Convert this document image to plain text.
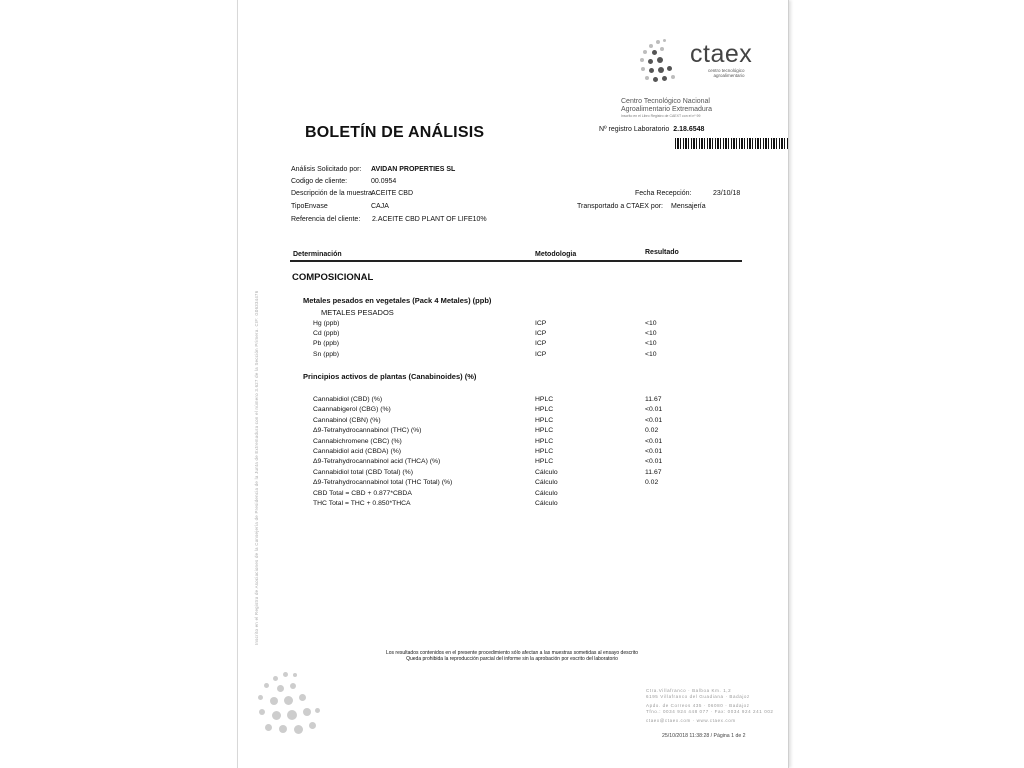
ctaex
centro tecnológico
agroalimentario
Centro Tecnológico Nacional
Agroalimentario Extremadura
Inscrito en el Libro Registro de CAEXT con el nº 99
BOLETÍN DE ANÁLISIS	Nº registro Laboratorio 2.18.6548
Análisis Solicitado por: AVIDAN PROPERTIES SL
Codigo de cliente:	00.0954
Descripción de la muestra:
ACEITE CBD	Fecha Recepción:	23/10/18
TipoEnvase	CAJA	Transportado a CTAEX por: Mensajería
Referencia del cliente: 2.ACEITE CBD PLANT OF LIFE10%
Determinación	Metodologia	Resultado
COMPOSICIONAL
Metales pesados en vegetales (Pack 4 Metales) (ppb)
METALES PESADOS
Hg (ppb)	ICP	<10
Cd (ppb)	ICP	<10
Pb (ppb)	ICP	<10
Sn (ppb)	ICP	<10
Principios activos de plantas (Canabinoides) (%)
Cannabidiol (CBD) (%)	HPLC	11.67
Caannabigerol (CBG) (%)	HPLC	<0.01
Cannabinol (CBN) (%)	HPLC	<0.01
Δ9-Tetrahydrocannabinol (THC) (%)	HPLC	0.02
Cannabichromene (CBC) (%)	HPLC	<0.01
Cannabidiol acid (CBDA) (%)	HPLC	<0.01
Δ9-Tetrahydrocannabinol acid (THCA) (%)	HPLC	<0.01
Cannabidiol total (CBD Total) (%)	Cálculo	11.67
Δ9-Tetrahydrocannabinol total (THC Total) (%)	Cálculo	0.02
CBD Total = CBD + 0.877*CBDA	Cálculo
THC Total = THC + 0.850*THCA	Cálculo
Los resultados contenidos en el presente procedimiento sólo afectan a las muestras sometidas al ensayo descrito
Queda prohibida la reproducción parcial del informe sin la aprobación por escrito del laboratorio
Ctra.Villafranco · Balboa Km. 1,2
6195 Villafranco del Guadiana · Badajoz
Apdo. de Correos 435 · 06080 · Badajoz
Tfno.: 0034 924 448 077 · Fax: 0034 924 241 002
ctaex@ctaex.com · www.ctaex.com
25/10/2018 11:38:28 / Página 1 de 2
Inscrito en el Registro de Asociaciones de la Consejería de Presidencia de la Junta de Extremadura con el número 3.627 de la Sección Primera. CIF: G06334476
